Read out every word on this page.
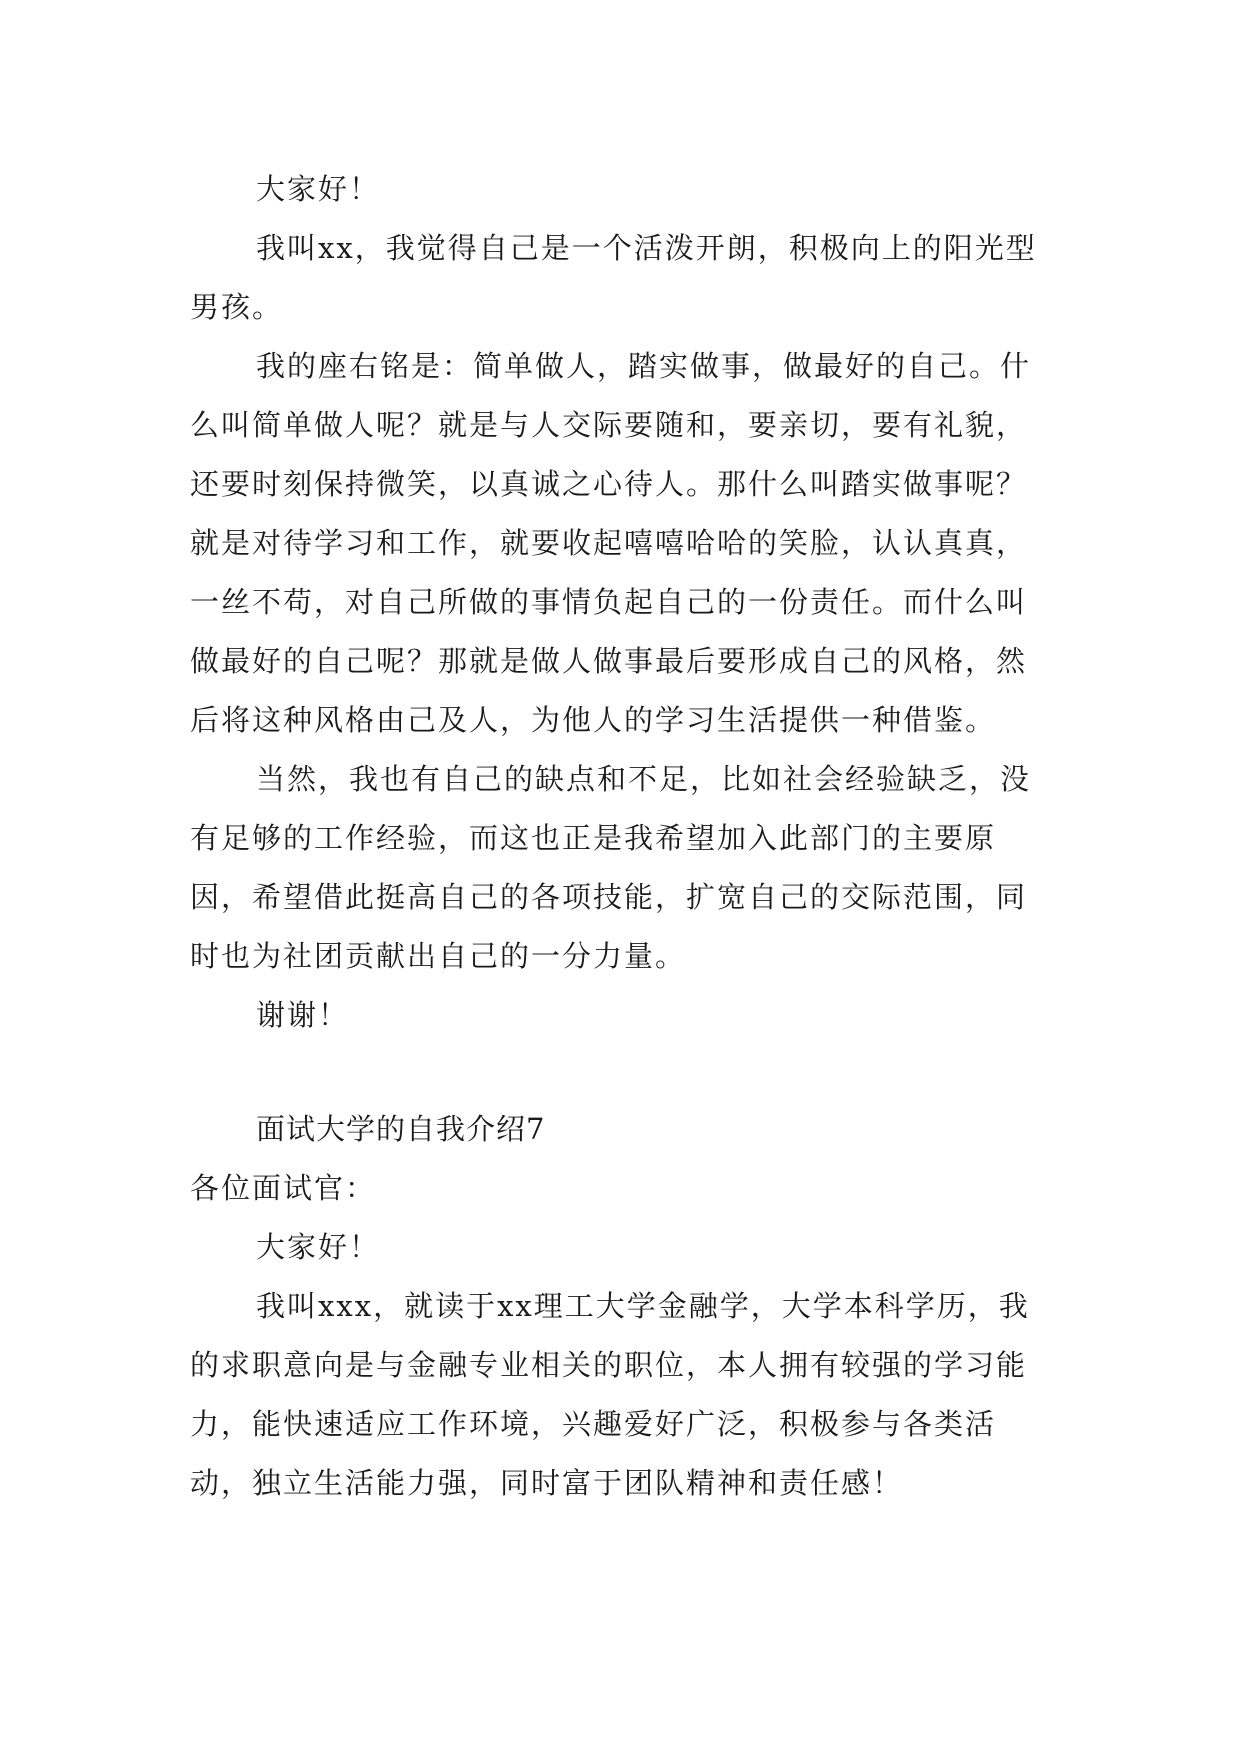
大家好！

我叫xx，我觉得自己是一个活泼开朗，积极向上的阳光型男孩。

我的座右铭是：简单做人，踏实做事，做最好的自己。什么叫简单做人呢？就是与人交际要随和，要亲切，要有礼貌，还要时刻保持微笑，以真诚之心待人。那什么叫踏实做事呢？就是对待学习和工作，就要收起嘻嘻哈哈的笑脸，认认真真，一丝不苟，对自己所做的事情负起自己的一份责任。而什么叫做最好的自己呢？那就是做人做事最后要形成自己的风格，然后将这种风格由己及人，为他人的学习生活提供一种借鉴。

当然，我也有自己的缺点和不足，比如社会经验缺乏，没有足够的工作经验，而这也正是我希望加入此部门的主要原因，希望借此挺高自己的各项技能，扩宽自己的交际范围，同时也为社团贡献出自己的一分力量。

谢谢！

面试大学的自我介绍7

各位面试官：

大家好！

我叫xxx，就读于xx理工大学金融学，大学本科学历，我的求职意向是与金融专业相关的职位，本人拥有较强的学习能力，能快速适应工作环境，兴趣爱好广泛，积极参与各类活动，独立生活能力强，同时富于团队精神和责任感！
